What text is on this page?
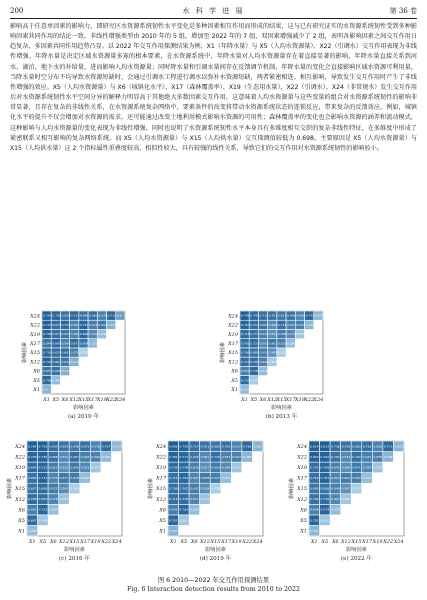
200	水 科 学 进 展	第 36 卷

影响高于任意单因素的影响力，即研究区水资源系统韧性水平变化是多种因素相互作用而形成的结果，这与已有研究证实的水资源系统韧性受到多种影响因素共同作用的结论一致。非线性增强类型由 2010 年的 5 组，增加至 2022 年的 7 组，双因素增强减少了 2 组，表明各影响因素之间交互作用日趋复杂、多因素共同作用趋势凸显。以 2022 年交互作用探测结果为例，X1（年降水量）与 X5（人均水资源量）、X22（引调水）交互作用表现为非线性增强。年降水量是决定区域水资源量多寡的根本要素，在水资源系统中，年降水量对人均水资源量存在着直接显著的影响，年降水量直接关系到河水、湖泊、地下水的补给量，进而影响人均水资源量；同时降水量和引调水量间存在反馈调节机制，年降水量的变化会直接影响区域水资源可利用量，当降水量时空分布不均导致水资源短缺时，会通过引调水工程进行调水以弥补水资源短缺，两者紧密相连、相互影响，导致发生交互作用时产生了非线性增强的效应。X5（人均水资源量）与 X6（城镇化水平）、X17（森林覆盖率）、X19（生态用水量）、X22（引调水）、X24（非常规水）发生交互作用后对水资源系统韧性水平空间分异的解释力明显高于其他绝大多数因素交互作用，这意味着人均水资源量与这些变量的组合对水资源系统韧性的影响非常显著，且存在复杂的非线性关系，在水资源系统复杂网络中，要素条件的改变将带动水资源系统状态的连锁反应，带来复杂的反馈效应。例如，城镇化水平的提升不仅会增加对水资源的需求，还可能通过改变土地利用模式影响水资源的可用性；森林覆盖率的变化也会影响水资源的涵养和流动模式，这种影响与人均水资源量的变化表现为非线性增强。同时也说明了水资源系统韧性水平本身具有多维度相互交织的复杂非线性特征，在多维度中形成了紧密联系又相互影响的复杂网络系统。而 X5（人均水资源量）与 X15（人均供水量）交互探测值较低为 0.698，主要原因是 X5（人均水资源量）与 X15（人均供水量）这 2 个指标属性重叠度较高，相似性较大，具有较强的线性关系，导致它们的交互作用对水资源系统韧性的影响较小。

0.3
0.708 0.243
0.637 0.658 0.331
0.729 0.664 0.614 0.312
0.709 0.674 0.681 0.578 0.157
0.644 0.695 0.564 0.677 0.634 0.271
0.736 0.674 0.627 0.566 0.699 0.542 0.238
0.757 0.678 0.704 0.582 0.727 0.576 0.621 0.314
0.745 0.728 0.655 0.714 0.645 0.662 0.578 0.712 0.4
X1
X1
X5
X5
X6
X6
X12
X12
X15
X15
X17
X17
X19
X19
X22
X22
X24
X24
影响因素
影响因素
(a) 2010 年
0.326
0.739 0.236
0.627 0.745 0.319
0.723 0.701 0.626 0.241
0.704 0.681 0.653 0.541 0.212
0.701 0.727 0.591 0.663 0.633 0.297
0.718 0.714 0.622 0.542 0.646 0.579 0.256
0.763 0.712 0.683 0.566 0.712 0.614 0.624 0.338
0.798 0.741 0.715 0.701 0.671 0.696 0.606 0.745 0.327
X1
X1
X5
X5
X6
X6
X12
X12
X15
X15
X17
X17
X19
X19
X22
X22
X24
X24
影响因素
影响因素
(b) 2013 年
0.284
0.697 0.248
0.602 0.722 0.292
0.688 0.695 0.578 0.263
0.657 0.696 0.621 0.542 0.203
0.662 0.741 0.574 0.637 0.618 0.284
0.694 0.722 0.612 0.521 0.642 0.553 0.241
0.728 0.736 0.666 0.554 0.687 0.596 0.589 0.297
0.764 0.758 0.694 0.659 0.648 0.672 0.578 0.707 0.312
X1
X1
X5
X5
X6
X6
X12
X12
X15
X15
X17
X17
X19
X19
X22
X22
X24
X24
影响因素
影响因素
(c) 2016 年
0.367
0.757 0.261
0.642 0.763 0.316
0.714 0.728 0.611 0.274
0.706 0.702 0.652 0.559 0.219
0.712 0.764 0.607 0.658 0.647 0.301
0.739 0.748 0.635 0.557 0.663 0.584 0.263
0.781 0.771 0.695 0.587 0.718 0.632 0.627 0.345
0.806 0.792 0.727 0.701 0.684 0.709 0.617 0.758 0.351
X1
X1
X5
X5
X6
X6
X12
X12
X15
X15
X17
X17
X19
X19
X22
X22
X24
X24
影响因素
影响因素
(d) 2019 年
0.351
0.785 0.282
0.636 0.774 0.324
0.709 0.736 0.603 0.266
0.695 0.698 0.648 0.547 0.227
0.718 0.781 0.616 0.661 0.652 0.313
0.742 0.769 0.642 0.566 0.671 0.597 0.274
0.803 0.792 0.704 0.593 0.722 0.641 0.639 0.358
0.814 0.812 0.738 0.709 0.693 0.718 0.628 0.771 0.362
X1
X1
X5
X5
X6
X6
X12
X12
X15
X15
X17
X17
X19
X19
X22
X22
X24
X24
影响因素
影响因素
(e) 2022 年
图 6 2010—2022 年交互作用探测结果
Fig. 6 Interaction detection results from 2010 to 2022
